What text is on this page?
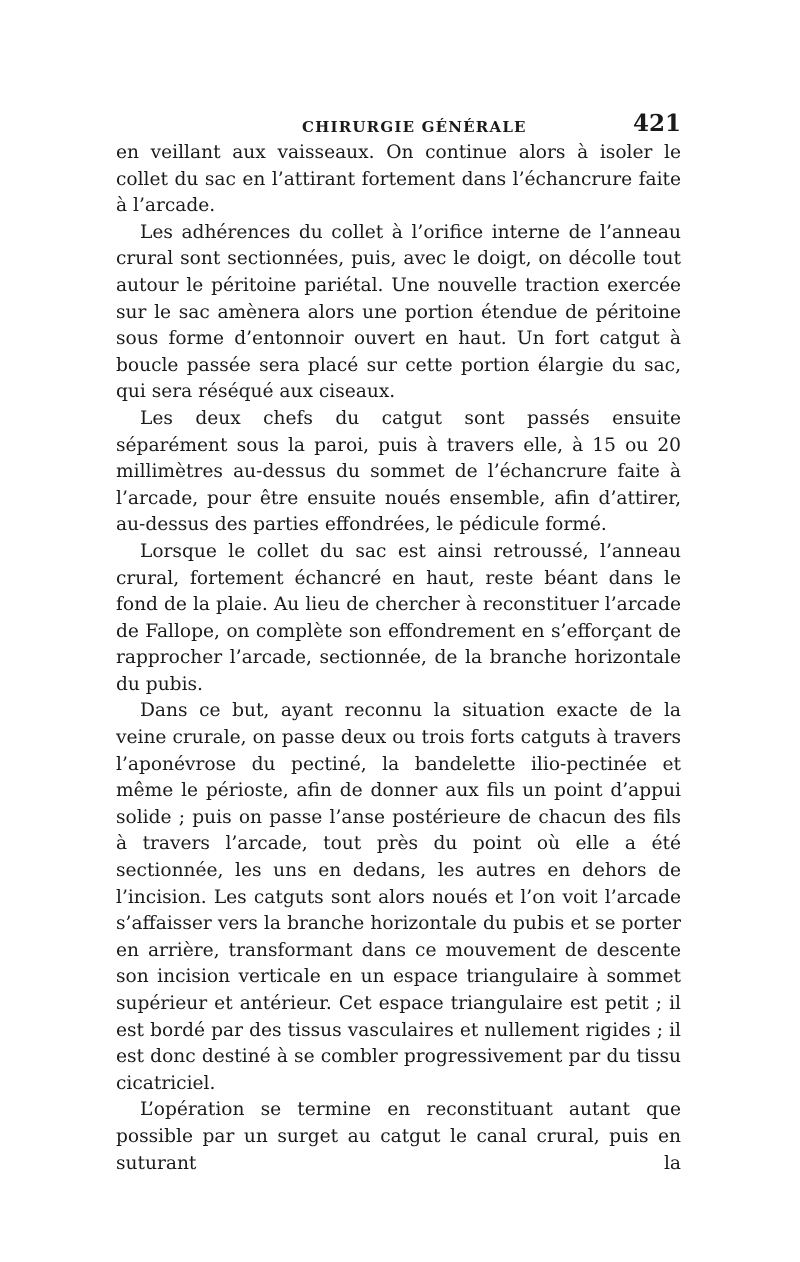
CHIRURGIE GÉNÉRALE	421

en veillant aux vaisseaux. On continue alors à isoler le collet du sac en l’attirant fortement dans l’échancrure faite à l’arcade.

Les adhérences du collet à l’orifice interne de l’anneau crural sont sectionnées, puis, avec le doigt, on décolle tout autour le péritoine pariétal. Une nouvelle traction exercée sur le sac amènera alors une portion étendue de péritoine sous forme d’entonnoir ouvert en haut. Un fort catgut à boucle passée sera placé sur cette portion élargie du sac, qui sera réséqué aux ciseaux.

Les deux chefs du catgut sont passés ensuite séparément sous la paroi, puis à travers elle, à 15 ou 20 millimètres au-dessus du sommet de l’échancrure faite à l’arcade, pour être ensuite noués ensemble, afin d’attirer, au-dessus des parties effondrées, le pédicule formé.

Lorsque le collet du sac est ainsi retroussé, l’anneau crural, fortement échancré en haut, reste béant dans le fond de la plaie. Au lieu de chercher à reconstituer l’arcade de Fallope, on complète son effondrement en s’efforçant de rapprocher l’arcade, sectionnée, de la branche horizontale du pubis.

Dans ce but, ayant reconnu la situation exacte de la veine crurale, on passe deux ou trois forts catguts à travers l’aponévrose du pectiné, la bandelette ilio-pectinée et même le périoste, afin de donner aux fils un point d’appui solide ; puis on passe l’anse postérieure de chacun des fils à travers l’arcade, tout près du point où elle a été sectionnée, les uns en dedans, les autres en dehors de l’incision. Les catguts sont alors noués et l’on voit l’arcade s’affaisser vers la branche horizontale du pubis et se porter en arrière, transformant dans ce mouvement de descente son incision verticale en un espace triangulaire à sommet supérieur et antérieur. Cet espace triangulaire est petit ; il est bordé par des tissus vasculaires et nullement rigides ; il est donc destiné à se combler progressivement par du tissu cicatriciel.

L’opération se termine en reconstituant autant que possible par un surget au catgut le canal crural, puis en suturant la
